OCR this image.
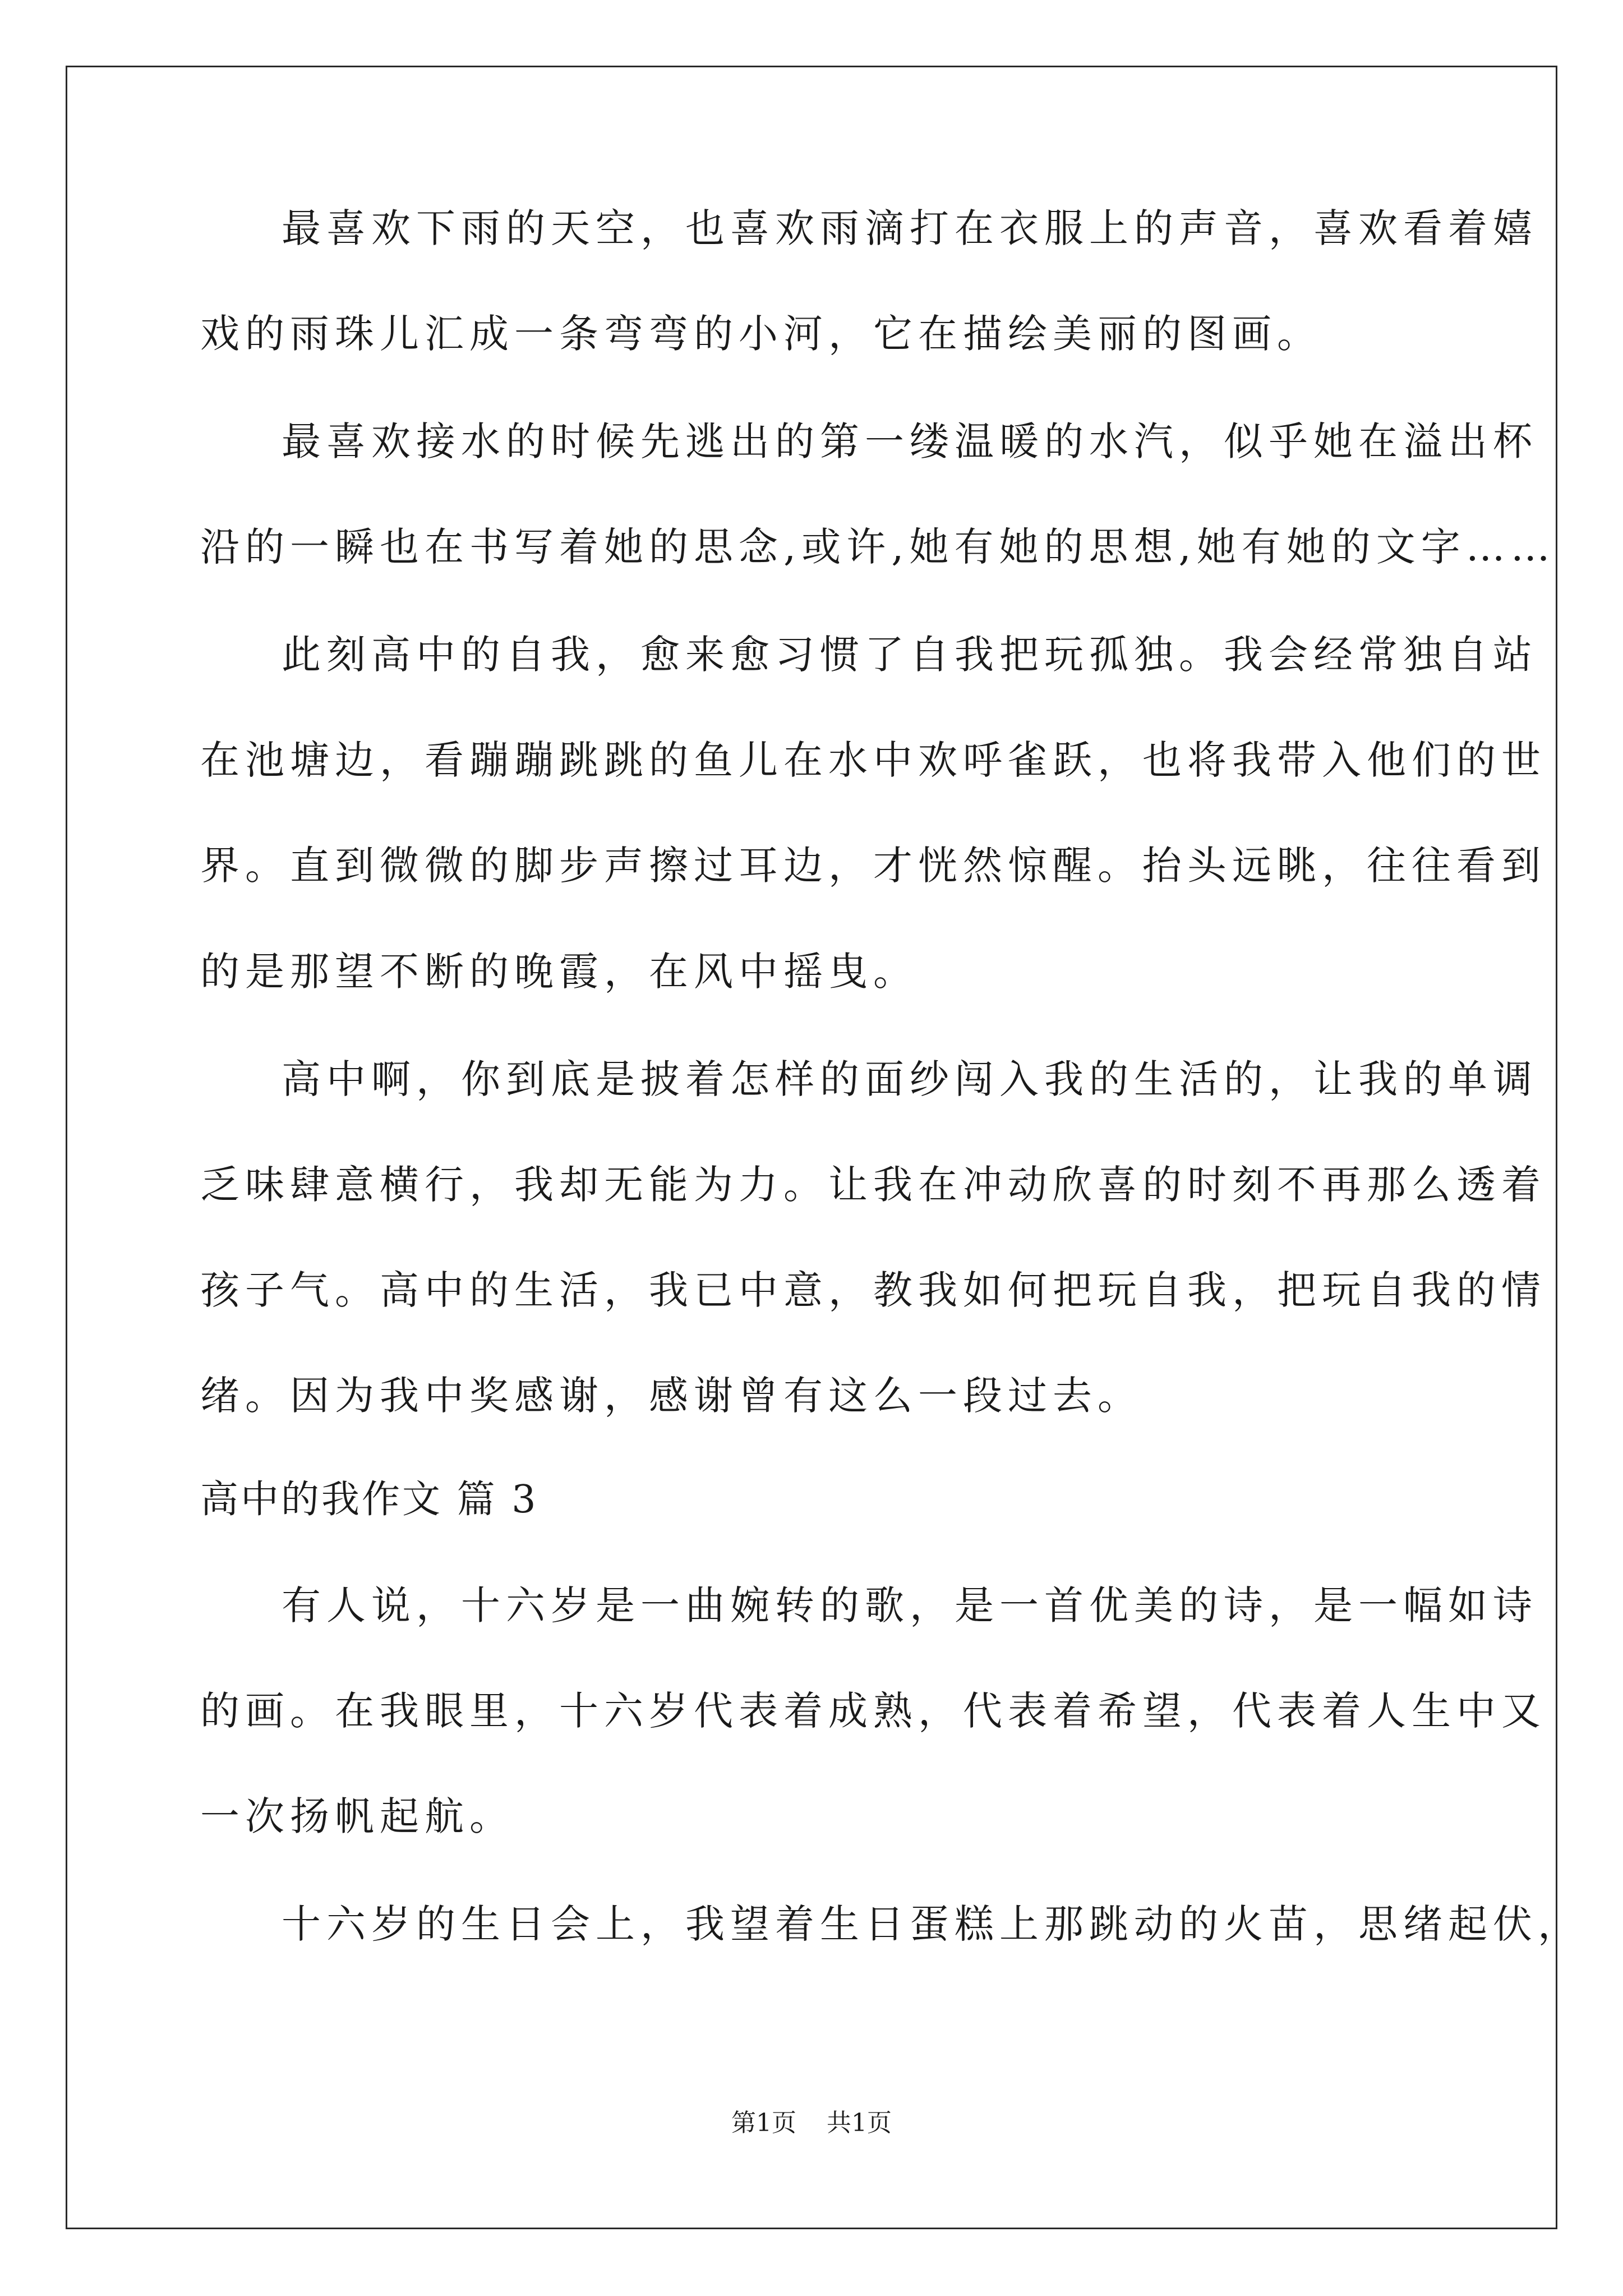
最喜欢下雨的天空，也喜欢雨滴打在衣服上的声音，喜欢看着嬉
戏的雨珠儿汇成一条弯弯的小河，它在描绘美丽的图画。
最喜欢接水的时候先逃出的第一缕温暖的水汽，似乎她在溢出杯
沿的一瞬也在书写着她的思念,或许,她有她的思想,她有她的文字……
此刻高中的自我，愈来愈习惯了自我把玩孤独。我会经常独自站
在池塘边，看蹦蹦跳跳的鱼儿在水中欢呼雀跃，也将我带入他们的世
界。直到微微的脚步声擦过耳边，才恍然惊醒。抬头远眺，往往看到
的是那望不断的晚霞，在风中摇曳。
高中啊，你到底是披着怎样的面纱闯入我的生活的，让我的单调
乏味肆意横行，我却无能为力。让我在冲动欣喜的时刻不再那么透着
孩子气。高中的生活，我已中意，教我如何把玩自我，把玩自我的情
绪。因为我中奖感谢，感谢曾有这么一段过去。
高中的我作文 篇 3
有人说，十六岁是一曲婉转的歌，是一首优美的诗，是一幅如诗
的画。在我眼里，十六岁代表着成熟，代表着希望，代表着人生中又
一次扬帆起航。
十六岁的生日会上，我望着生日蛋糕上那跳动的火苗，思绪起伏，
第1页 共1页
